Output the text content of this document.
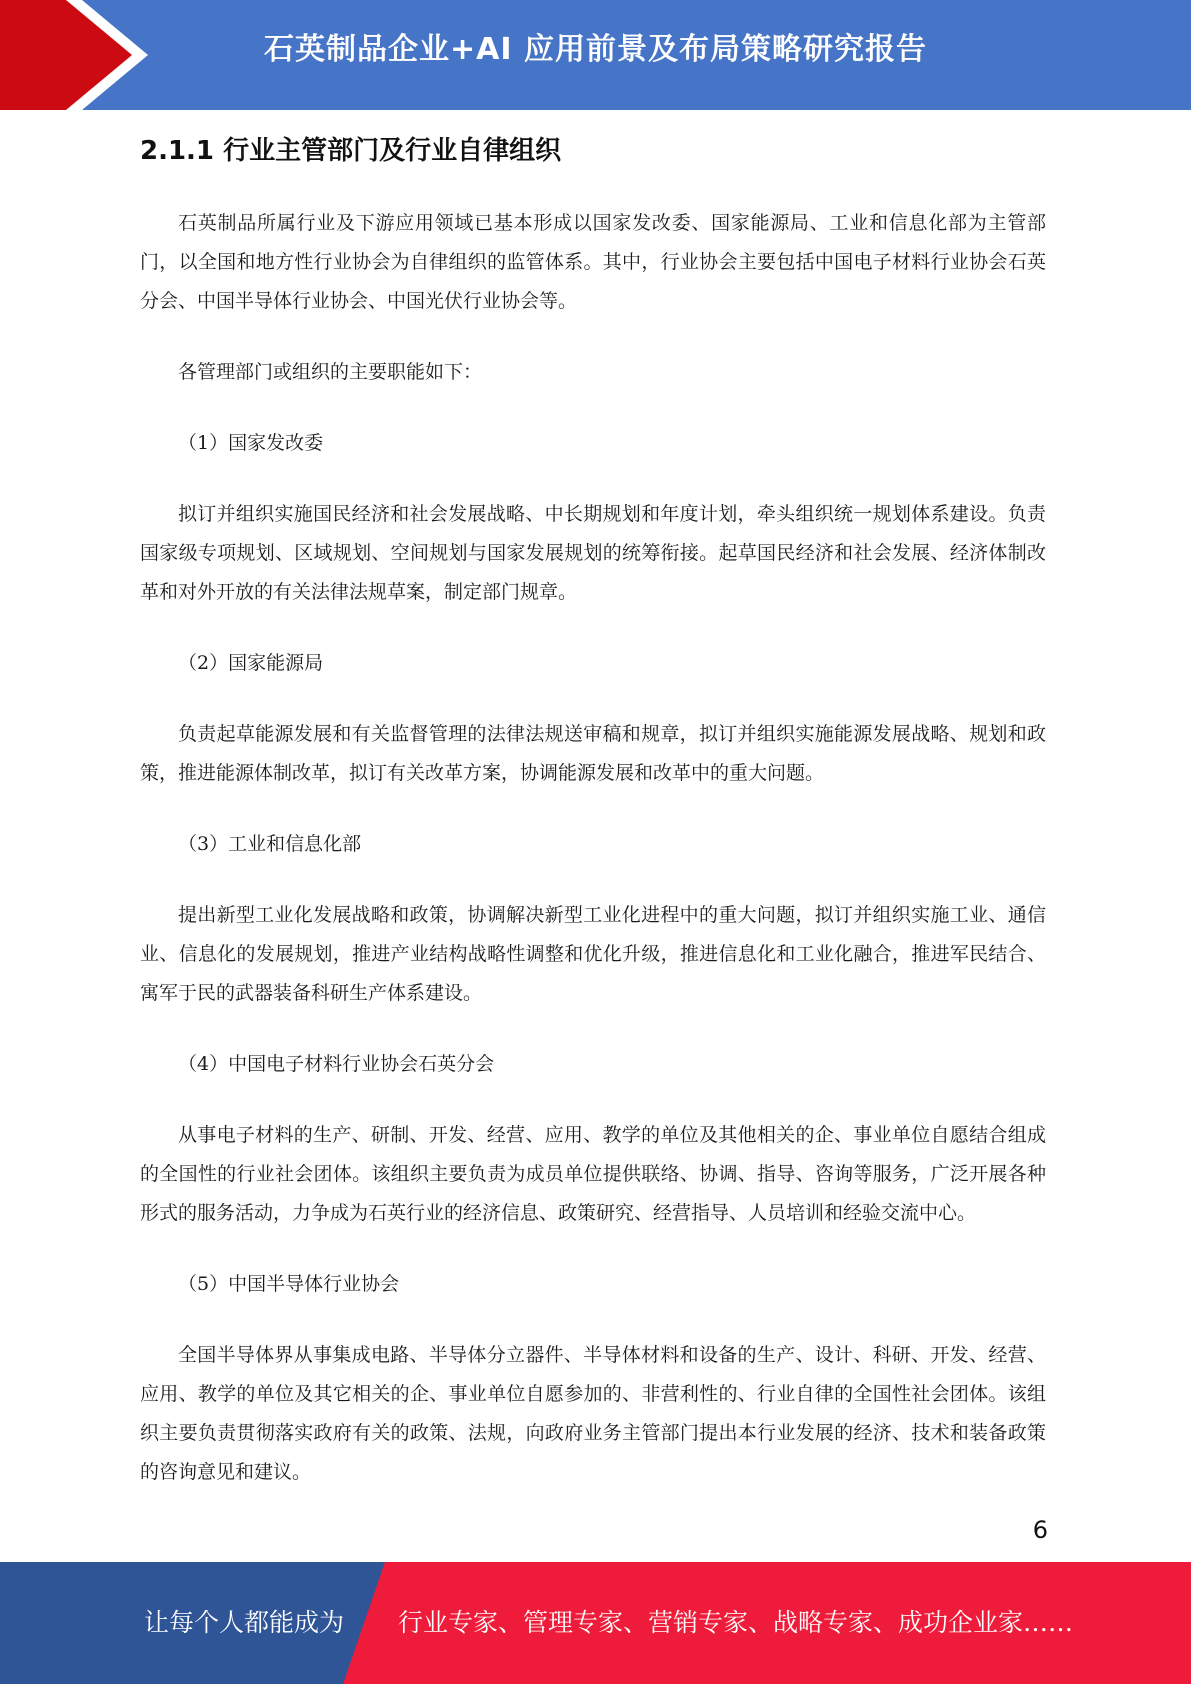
石英制品企业+AI 应用前景及布局策略研究报告
2.1.1 行业主管部门及行业自律组织

石英制品所属行业及下游应用领域已基本形成以国家发改委、国家能源局、工业和信息化部为主管部门，以全国和地方性行业协会为自律组织的监管体系。其中，行业协会主要包括中国电子材料行业协会石英分会、中国半导体行业协会、中国光伏行业协会等。

各管理部门或组织的主要职能如下：

（1）国家发改委

拟订并组织实施国民经济和社会发展战略、中长期规划和年度计划，牵头组织统一规划体系建设。负责国家级专项规划、区域规划、空间规划与国家发展规划的统筹衔接。起草国民经济和社会发展、经济体制改革和对外开放的有关法律法规草案，制定部门规章。

（2）国家能源局

负责起草能源发展和有关监督管理的法律法规送审稿和规章，拟订并组织实施能源发展战略、规划和政策，推进能源体制改革，拟订有关改革方案，协调能源发展和改革中的重大问题。

（3）工业和信息化部

提出新型工业化发展战略和政策，协调解决新型工业化进程中的重大问题，拟订并组织实施工业、通信业、信息化的发展规划，推进产业结构战略性调整和优化升级，推进信息化和工业化融合，推进军民结合、寓军于民的武器装备科研生产体系建设。

（4）中国电子材料行业协会石英分会

从事电子材料的生产、研制、开发、经营、应用、教学的单位及其他相关的企、事业单位自愿结合组成的全国性的行业社会团体。该组织主要负责为成员单位提供联络、协调、指导、咨询等服务，广泛开展各种形式的服务活动，力争成为石英行业的经济信息、政策研究、经营指导、人员培训和经验交流中心。

（5）中国半导体行业协会

全国半导体界从事集成电路、半导体分立器件、半导体材料和设备的生产、设计、科研、开发、经营、应用、教学的单位及其它相关的企、事业单位自愿参加的、非营利性的、行业自律的全国性社会团体。该组织主要负责贯彻落实政府有关的政策、法规，向政府业务主管部门提出本行业发展的经济、技术和装备政策的咨询意见和建议。

6
让每个人都能成为 行业专家、管理专家、营销专家、战略专家、成功企业家……
